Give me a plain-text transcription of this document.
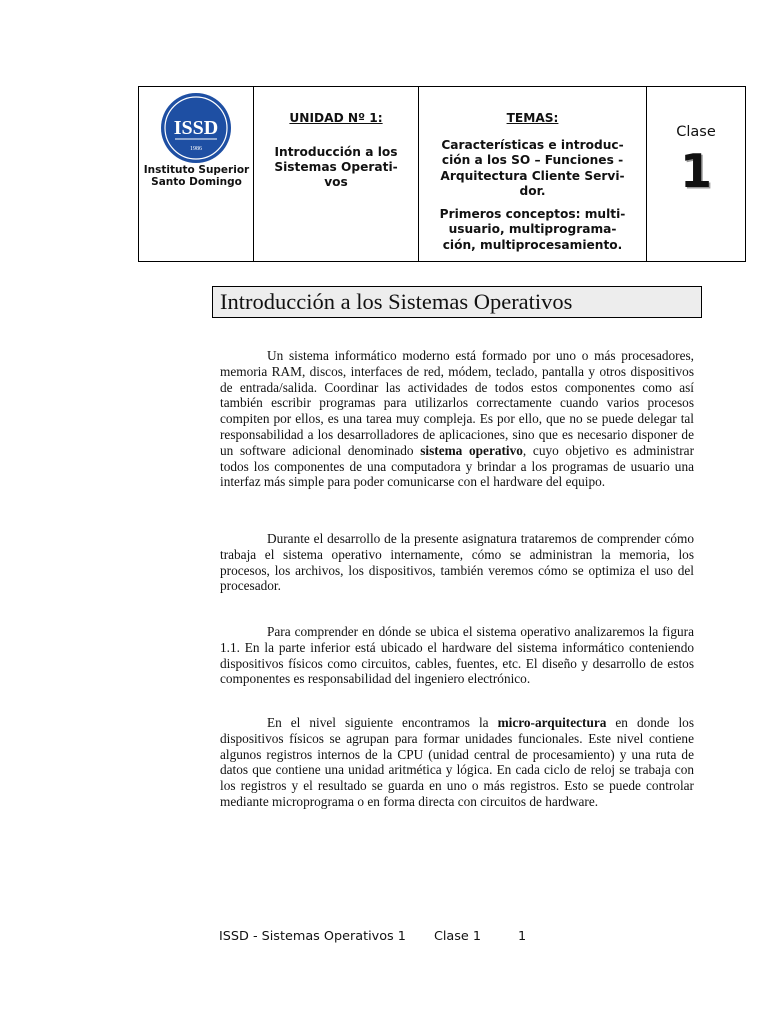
ISSD
1986
Instituto Superior
Santo Domingo
UNIDAD Nº 1:
Introducción a los
Sistemas Operati-
vos
TEMAS:
Características e introduc-
ción a los SO – Funciones -
Arquitectura Cliente Servi-
dor.
Primeros conceptos: multi-
usuario, multiprograma-
ción, multiprocesamiento.
Clase
1
Introducción a los Sistemas Operativos

Un sistema informático moderno está formado por uno o más procesadores, memoria RAM, discos, interfaces de red, módem, teclado, pantalla y otros dispositivos de entrada/salida. Coordinar las actividades de todos estos componentes como así también escribir programas para utilizarlos correctamente cuando varios procesos compiten por ellos, es una tarea muy compleja. Es por ello, que no se puede delegar tal responsabilidad a los desarrolladores de aplicaciones, sino que es necesario disponer de un software adicional denominado sistema operativo, cuyo objetivo es administrar todos los componentes de una computadora y brindar a los programas de usuario una interfaz más simple para poder comunicarse con el hardware del equipo.

Durante el desarrollo de la presente asignatura trataremos de comprender cómo trabaja el sistema operativo internamente, cómo se administran la memoria, los procesos, los archivos, los dispositivos, también veremos cómo se optimiza el uso del procesador.

Para comprender en dónde se ubica el sistema operativo analizaremos la figura 1.1. En la parte inferior está ubicado el hardware del sistema informático conteniendo dispositivos físicos como circuitos, cables, fuentes, etc. El diseño y desarrollo de estos componentes es responsabilidad del ingeniero electrónico.

En el nivel siguiente encontramos la micro-arquitectura en donde los dispositivos físicos se agrupan para formar unidades funcionales. Este nivel contiene algunos registros internos de la CPU (unidad central de procesamiento) y una ruta de datos que contiene una unidad aritmética y lógica. En cada ciclo de reloj se trabaja con los registros y el resultado se guarda en uno o más registros. Esto se puede controlar mediante microprograma o en forma directa con circuitos de hardware.

ISSD - Sistemas Operativos 1 Clase 1	1
